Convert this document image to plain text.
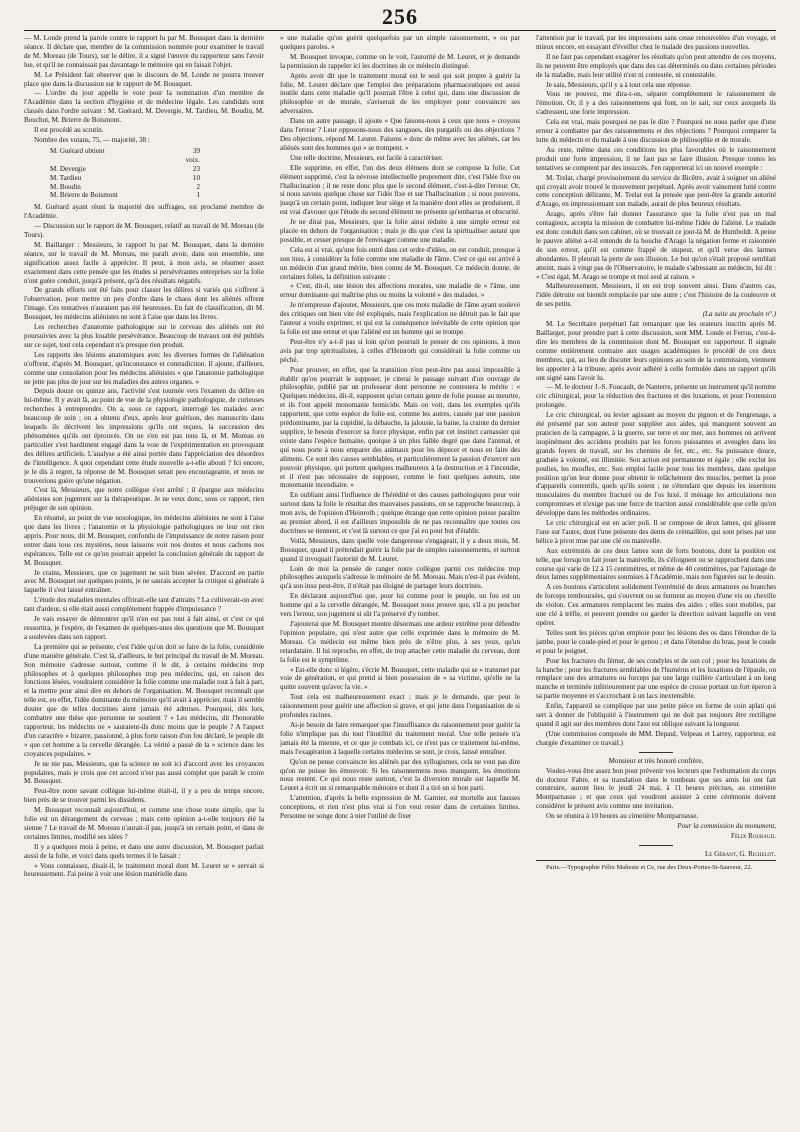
256

— M. Londe prend la parole contre le rapport lu par M. Bousquet dans la dernière séance. Il déclare que, membre de la commission nommée pour examiner le travail de M. Moreau (de Tours), sur le délire, il a signé l'œuvre du rapporteur sans l'avoir lue, et qu'il ne connaissait pas davantage le mémoire qui en faisait l'objet.

M. Le Président fait observer que le discours de M. Londe ne pourra trouver place que dans la discussion sur le rapport de M. Bousquet.

— L'ordre du jour appelle le vote pour la nomination d'un membre de l'Académie dans la section d'hygiène et de médecine légale. Les candidats sont classés dans l'ordre suivant : M. Guérard, M. Devergie, M. Tardieu, M. Boudin, M. Bouchut, M. Brierre de Boismont.

Il est procédé au scrutin.

Nombre des votans, 75, — majorité, 38 :

M. Guérard obtient	39 voix.
M. Devergie	23
M. Tardieu	10
M. Boudin	2
M. Brierre de Boismont	1

M. Guérard ayant réuni la majorité des suffrages, est proclamé membre de l'Académie.

— Discussion sur le rapport de M. Bousquet, relatif au travail de M. Moreau (de Tours).

M. Baillarger : Messieurs, le rapport lu par M. Bousquet, dans la dernière séance, sur le travail de M. Moreau, me paraît avoir, dans son ensemble, une signification assez facile à apprécier. Il peut, à mon avis, se résumer assez exactement dans cette pensée que les études si persévérantes entreprises sur la folie n'ont guère conduit, jusqu'à présent, qu'à des résultats négatifs.

De grands efforts ont été faits pour classer les délires si variés qui s'offrent à l'observation, pour mettre un peu d'ordre dans le chaos dont les aliénés offrent l'image. Ces tentatives n'auraient pas été heureuses. En fait de classification, dit M. Bousquet, les médecins aliénistes ne sont à l'aise que dans les livres.

Les recherches d'anatomie pathologique sur le cerveau des aliénés ont été poursuivies avec la plus louable persévérance. Beaucoup de travaux ont été publiés sur ce sujet, tout cela cependant n'a presque rien produit.

Les rapports des lésions anatomiques avec les diverses formes de l'aliénation n'offrent, d'après M. Bousquet, qu'inconstance et contradiction. Il ajoute, d'ailleurs, comme une consolation pour les médecins aliénistes « que l'anatomie pathologique ne jette pas plus de jour sur les maladies des autres organes. »

Depuis douze ou quinze ans, l'activité s'est tournée vers l'examen du délire en lui-même. Il y avait là, au point de vue de la physiologie pathologique, de curieuses recherches à entreprendre. On a, sous ce rapport, interrogé les malades avec beaucoup de soin ; on a obtenu d'eux, après leur guérison, des manuscrits dans lesquels ils décrivent les impressions qu'ils ont reçues, la succession des phénomènes qu'ils ont éprouvés. On ne s'en est pas tenu là, et M. Moreau en particulier s'est hardiment engagé dans la voie de l'expérimentation en provoquant des délires artificiels. L'analyse a été ainsi portée dans l'appréciation des désordres de l'intelligence. A quoi cependant cette étude nouvelle a-t-elle abouti ? Ici encore, je le dis à regret, la réponse de M. Bousquet serait peu encourageante, et nous ne trouverions guère qu'une négation.

C'est là, Messieurs, que notre collègue s'est arrêté ; il épargne aux médecins aliénistes son jugement sur la thérapeutique. Je ne veux donc, sous ce rapport, rien préjuger de son opinion.

En résumé, au point de vue nosologique, les médecins aliénistes ne sont à l'aise que dans les livres ; l'anatomie et la physiologie pathologiques ne leur ont rien appris. Pour nous, dit M. Bousquet, confondu de l'impuissance de notre raison pour entrer dans tous ces mystères, nous laissons voir nos doutes et nous cachons nos espérances. Telle est ce qu'on pourrait appeler la conclusion générale du rapport de M. Bousquet.

Je crains, Messieurs, que ce jugement ne soit bien sévère. D'accord en partie avec M. Bousquet sur quelques points, je ne saurais accepter la critique si générale à laquelle il s'est laissé entraîner.

L'étude des maladies mentales offrirait-elle tant d'attraits ? La cultiverait-on avec tant d'ardeur, si elle était aussi complètement frappée d'impuissance ?

Je vais essayer de démontrer qu'il n'en est pas tout à fait ainsi, et c'est ce qui ressortira, je l'espère, de l'examen de quelques-unes des questions que M. Bousquet a soulevées dans son rapport.

La première qui se présente, c'est l'idée qu'on doit se faire de la folie, considérée d'une manière générale. C'est là, d'ailleurs, le but principal du travail de M. Moreau. Son mémoire s'adresse surtout, comme il le dit, à certains médecins trop philosophes et à quelques philosophes trop peu médecins, qui, en raison des fonctions lésées, voudraient considérer la folie comme une maladie tout à fait à part, et la mettre pour ainsi dire en dehors de l'organisation. M. Bousquet reconnaît que telle est, en effet, l'idée dominante du mémoire qu'il avait à apprécier, mais il semble douter que de telles doctrines aient jamais été admises. Pourquoi, dès lors, combattre une thèse que personne ne soutient ? « Les médecins, dit l'honorable rapporteur, les médecins ne » sauraient-ils donc moins que le peuple ? A l'aspect d'un caractère » bizarre, passionné, à plus forte raison d'un fou déclaré, le peuple dit » que cet homme a la cervelle dérangée. La vérité a passé de la » science dans les croyances populaires. »

Je ne nie pas, Messieurs, que la science ne soit ici d'accord avec les croyances populaires, mais je crois que cet accord n'est pas aussi complet que paraît le croire M. Bousquet.

Peut-être notre savant collègue lui-même était-il, il y a peu de temps encore, bien près de se trouver parmi les dissidens.

M. Bousquet reconnaît aujourd'hui, et comme une chose toute simple, que la folie est un dérangement du cerveau ; mais cette opinion a-t-elle toujours été la sienne ? Le travail de M. Moreau n'aurait-il pas, jusqu'à un certain point, et dans de certaines limites, modifié ses idées ?

Il y a quelques mois à peine, et dans une autre discussion, M. Bousquet parlait aussi de la folie, et voici dans quels termes il le faisait :

« Vous connaissez, disait-il, le traitement moral dont M. Leuret se » servait si heureusement. J'ai peine à voir une lésion matérielle dans

» une maladie qu'on guérit quelquefois par un simple raisonnement, » ou par quelques paroles. »

M. Bousquet invoque, comme on le voit, l'autorité de M. Leuret, et je demande la permission de rappeler ici les doctrines de ce médecin distingué.

Après avoir dit que le traitement moral est le seul qui soit propre à guérir la folie, M. Leuret déclare que l'emploi des préparations pharmaceutiques est aussi inutile dans cette maladie qu'il pourrait l'être à celui qui, dans une discussion de philosophie et de morale, s'aviserait de les employer pour convaincre ses adversaires.

Dans un autre passage, il ajoute « Que faisons-nous à ceux que nous » croyons dans l'erreur ? Leur opposons-nous des sangsues, des purgatifs ou des objections ? Des objections, répond M. Leuret. Faisons » donc de même avec les aliénés, car les aliénés sont des hommes qui » se trompent. »

Une telle doctrine, Messieurs, est facile à caractériser.

Elle supprime, en effet, l'un des deux élémens dont se compose la folie. Cet élément supprimé, c'est la névrose intellectuelle proprement dite, c'est l'idée fixe ou l'hallucination ; il ne reste donc plus que le second élément, c'est-à-dire l'erreur. Or, si nous savons quelque chose sur l'idée fixe et sur l'hallucination ; si nous pouvons, jusqu'à un certain point, indiquer leur siège et la manière dont elles se produisent, il est vrai d'avouer que l'étude du second élément ne présente qu'embarras et obscurité.

Je ne dirai pas, Messieurs, que la folie ainsi réduite à une simple erreur est placée en dehors de l'organisation ; mais je dis que c'est la spiritualiser autant que possible, et cesser presque de l'envisager comme une maladie.

Cela est si vrai, qu'une fois entré dans cet ordre d'idées, on est conduit, presque à son insu, à considérer la folie comme une maladie de l'âme. C'est ce qui est arrivé à un médecin d'un grand mérite, bien connu de M. Bousquet. Ce médecin donne, de certaines folies, la définition suivante :

« C'est, dit-il, une lésion des affections morales, une maladie de » l'âme, une erreur dominante qui maîtrise plus ou moins la volonté » des malades. »

Je m'empresse d'ajouter, Messieurs, que ces mots maladie de l'âme ayant soulevé des critiques ont bien vite été expliqués, mais l'explication ne détruit pas le fait que l'auteur a voulu exprimer, et qui est la conséquence inévitable de cette opinion que la folie est une erreur et que l'aliéné est un homme qui se trompe.

Peut-être n'y a-t-il pas si loin qu'on pourrait le penser de ces opinions, à mon avis par trop spiritualistes, à celles d'Heinroth qui considérait la folie comme un péché.

Pour prouver, en effet, que la transition n'est peut-être pas aussi impossible à établir qu'on pourrait le supposer, je citerai le passage suivant d'un ouvrage de philosophie, publié par un professeur dont personne ne contestera le mérite : « Quelques médecins, dit-il, supposent qu'un certain genre de folie pousse au meurtre, et ils l'ont appelé monomanie homicide. Mais on voit, dans les exemples qu'ils rapportent, que cette espèce de folie est, comme les autres, causée par une passion prédominante, par la cupidité, la débauche, la jalousie, la haine, la crainte du dernier supplice, le besoin d'exercer sa force physique, enfin par cet instinct carnassier qui existe dans l'espèce humaine, quoique à un plus faible degré que dans l'animal, et qui nous porte à nous emparer des animaux pour les dépecer et nous en faire des alimens. Ce sont des causes semblables, et particulièrement la passion d'exercer son pouvoir physique, qui portent quelques malheureux à la destruction et à l'incendie, et il n'est pas nécessaire de supposer, comme le font quelques auteurs, une monomanie incendiaire. »

En oubliant ainsi l'influence de l'hérédité et des causes pathologiques pour voir surtout dans la folie le résultat des mauvaises passions, on se rapproche beaucoup, à mon avis, de l'opinion d'Heinroth ; quelque étrange que cette opinion puisse paraître au premier abord, il est d'ailleurs impossible de ne pas reconnaître que toutes ces doctrines se tiennent, et c'est là surtout ce que j'ai eu pour but d'établir.

Voilà, Messieurs, dans quelle voie dangereuse s'engageait, il y a deux mois, M. Bousquet, quand il prétendait guérir la folie par de simples raisonnements, et surtout quand il invoquait l'autorité de M. Leuret.

Loin de moi la pensée de ranger notre collègue parmi ces médecins trop philosophes auxquels s'adresse le mémoire de M. Moreau. Mais n'est-il pas évident, qu'à son insu peut-être, il n'était pas éloigné de partager leurs doctrines.

En déclarant aujourd'hui que, pour lui comme pour le peuple, un fou est un homme qui a la cervelle dérangée, M. Bousquet nous prouve que, s'il a pu pencher vers l'erreur, son jugement si sûr l'a préservé d'y tomber.

J'ajouterai que M. Bousquet montre désormais une ardeur extrême pour défendre l'opinion populaire, qui n'est autre que celle exprimée dans le mémoire de M. Moreau. Ce médecin est même bien près de n'être plus, à ses yeux, qu'un retardataire. Il lui reproche, en effet, de trop attacher cette maladie du cerveau, dont la folie est le symptôme.

« Est-elle donc si légère, s'écrie M. Bousquet, cette maladie qui se » transmet par voie de génération, et qui prend si bien possession de » sa victime, qu'elle ne la quitte souvent qu'avec la vie. »

Tout cela est malheureusement exact ; mais je le demande, que peut le raisonnement pour guérir une affection si grave, et qui jette dans l'organisation de si profondes racines.

Ai-je besoin de faire remarquer que l'insuffisance du raisonnement pour guérir la folie n'implique pas du tout l'inutilité du traitement moral. Une telle pensée n'a jamais été la mienne, et ce que je combats ici, ce n'est pas ce traitement lui-même, mais l'exagération à laquelle certains médecins se sont, je crois, laissé entraîner.

Qu'on ne pense convaincre les aliénés par des syllogismes, cela ne veut pas dire qu'on ne puisse les émouvoir. Si les raisonnemens nous manquent, les émotions nous restent. Ce qui nous reste surtout, c'est la diversion morale sur laquelle M. Leuret a écrit un si remarquable mémoire et dont il a tiré un si bon parti.

L'attention, d'après la belle expression de M. Garnier, est mortelle aux fausses conceptions, et rien n'est plus vrai si l'on veut rester dans de certaines limites. Personne ne songe donc à nier l'utilité de fixer

l'attention par le travail, par les impressions sans cesse renouvelées d'un voyage, et mieux encore, en essayant d'éveiller chez le malade des passions nouvelles.

Il ne faut pas cependant exagérer les résultats qu'on peut attendre de ces moyens, ils ne peuvent être employés que dans des cas déterminés ou dans certaines périodes de la maladie, mais leur utilité n'est ni contestée, ni contestable.

Je sais, Messieurs, qu'il y a à tout cela une réponse.

Vous ne pouvez, me dira-t-on, séparer complètement le raisonnement de l'émotion. Or, il y a des raisonnemens qui font, on le sait, sur ceux auxquels ils s'adressent, une forte impression.

Cela est vrai, mais pourquoi ne pas le dire ? Pourquoi ne nous parler que d'une erreur à combattre par des raisonnemens et des objections ? Pourquoi comparer la lutte du médecin et du malade à une discussion de philosophie et de morale.

Au reste, même dans ces conditions les plus favorables où le raisonnement produit une forte impression, il ne faut pas se faire illusion. Presque toutes les tentatives se comptent par des insuccès. J'en rapporterai ici un nouvel exemple :

M. Trelat, chargé provisoirement du service de Bicêtre, avait à soigner un aliéné qui croyait avoir trouvé le mouvement perpétuel. Après avoir vainement lutté contre cette conception délirante, M. Trelat eut la pensée que peut-être la grande autorité d'Arago, en impressionnant son malade, aurait de plus heureux résultats.

Arago, après s'être fait donner l'assurance que la folie n'est pas un mal contagieux, accepta la mission de combattre lui-même l'idée de l'aliéné. Le malade est donc conduit dans son cabinet, où se trouvait ce jour-là M. de Humboldt. A peine le pauvre aliéné a-t-il entendu de la bouche d'Arago la négation ferme et raisonnée de son erreur, qu'il est comme frappé de stupeur, et qu'il verse des larmes abondantes. Il pleurait la perte de son illusion. Le but qu'on s'était proposé semblait atteint, mais à vingt pas de l'Observatoire, le malade s'adressant au médecin, lui dit : « C'est égal, M. Arago se trompe et moi seul ai raison. »

Malheureusement, Messieurs, il en est trop souvent ainsi. Dans d'autres cas, l'idée détruite est bientôt remplacée par une autre ; c'est l'histoire de la couleuvre et de ses petits.

(La suite au prochain n°.)

M. Le Secrétaire perpétuel fait remarquer que les orateurs inscrits après M. Baillarger, pour prendre part à cette discussion, sont MM. Londe et Ferrus, c'est-à-dire les membres de la commission dont M. Bousquet est rapporteur. Il signale comme entièrement contraire aux usages académiques le procédé de ces deux membres, qui, au lieu de discuter leurs opinions au sein de la commission, viennent les apporter à la tribune, après avoir adhéré à celle formulée dans un rapport qu'ils ont signé sans l'avoir lu.

— M. le docteur J.-S. Foucault, de Nanterre, présente un instrument qu'il nomme cric chirurgical, pour la réduction des fractures et des luxations, et pour l'extension prolongée.

Le cric chirurgical, ou levier agissant au moyen du pignon et de l'engrenage, a été présenté par son auteur pour suppléer aux aides, qui manquent souvent au praticien de la campagne, à la guerre, sur terre et sur mer, aux hommes où arrivent inopinément des accidens produits par les forces puissantes et aveugles dans les grands foyers de travail, sur les chemins de fer, etc., etc. Sa puissance douce, graduée à volonté, est illimitée. Son action est permanente et égale ; elle exclut les poulies, les moufles, etc. Son emploi facile pour tous les membres, dans quelque position qu'on leur donne pour obtenir le relâchement des muscles, permet la pose d'appareils contentifs, quels qu'ils soient ; ne s'étendant que depuis les insertions musculaires du membre fracturé ou de l'os luxé, il ménage les articulations non compromises et n'exige pas une force de traction aussi considérable que celle qu'on développe dans les méthodes ordinaires.

Le cric chirurgical est en acier poli. Il se compose de deux lames, qui glissent l'une sur l'autre, dont l'une présente des dents de crémaillère, qui sont prises par une hélice à pivot mue par une clé ou manivelle.

Aux extrémités de ces deux lames sont de forts boutons, dont la position est telle, que lorsqu'on fait jouer la manivelle, ils s'éloignent ou se rapprochent dans une course qui varie de 12 à 15 centimètres, et même de 40 centimètres, par l'ajustage de deux lames supplémentaires soumises à l'Académie, mais non figurées sur le dessin.

A ces boutons s'articulent solidement l'extrémité de deux armatures ou branches de forceps remboursées, qui s'ouvrent ou se ferment au moyen d'une vis ou cheville de violon. Ces armatures remplacent les mains des aides ; elles sont mobiles, par une clé à trèfle, et peuvent prendre ou garder la direction suivant laquelle on veut opérer.

Telles sont les pièces qu'on emploie pour les lésions des os dans l'étendue de la jambe, pour le coude-pied et pour le genou ; et dans l'étendue du bras, pour le coude et pour le poignet.

Pour les fractures du fémur, de ses condyles et de son col ; pour les luxations de la hanche ; pour les fractures semblables de l'humérus et les luxations de l'épaule, on remplace une des armatures ou forceps par une large cuillère s'articulant à un long manche et terminée inférieurement par une espèce de crosse portant un fort éperon à sa partie moyenne et s'accrochant à un lacs inextensible.

Enfin, l'appareil se complique par une petite pièce en forme de coin aplati qui sert à donner de l'obliquité à l'instrument qui ne doit pas toujours être rectiligne quand il agit sur des membres dont l'axe est oblique suivant la longueur.

(Une commission composée de MM. Depaul, Velpeau et Larrey, rapporteur, est chargée d'examiner ce travail.)

Monsieur et très honoré confrère,

Voulez-vous être assez bon pour prévenir vos lecteurs que l'exhumation du corps du docteur Fabre, et sa translation dans le tombeau que ses amis lui ont fait construire, auront lieu le jeudi 24 mai, à 11 heures précises, au cimetière Montparnasse ; et que ceux qui voudront assister à cette cérémonie doivent considérer le présent avis comme une invitation.

On se réunira à 10 heures au cimetière Montparnasse.

Pour la commission du monument,

Félix Roubaud.

Le Gérant, G. Richelot.

Paris.—Typographie Félix Malteste et Ce, rue des Deux-Portes-St-Sauveur, 22.
